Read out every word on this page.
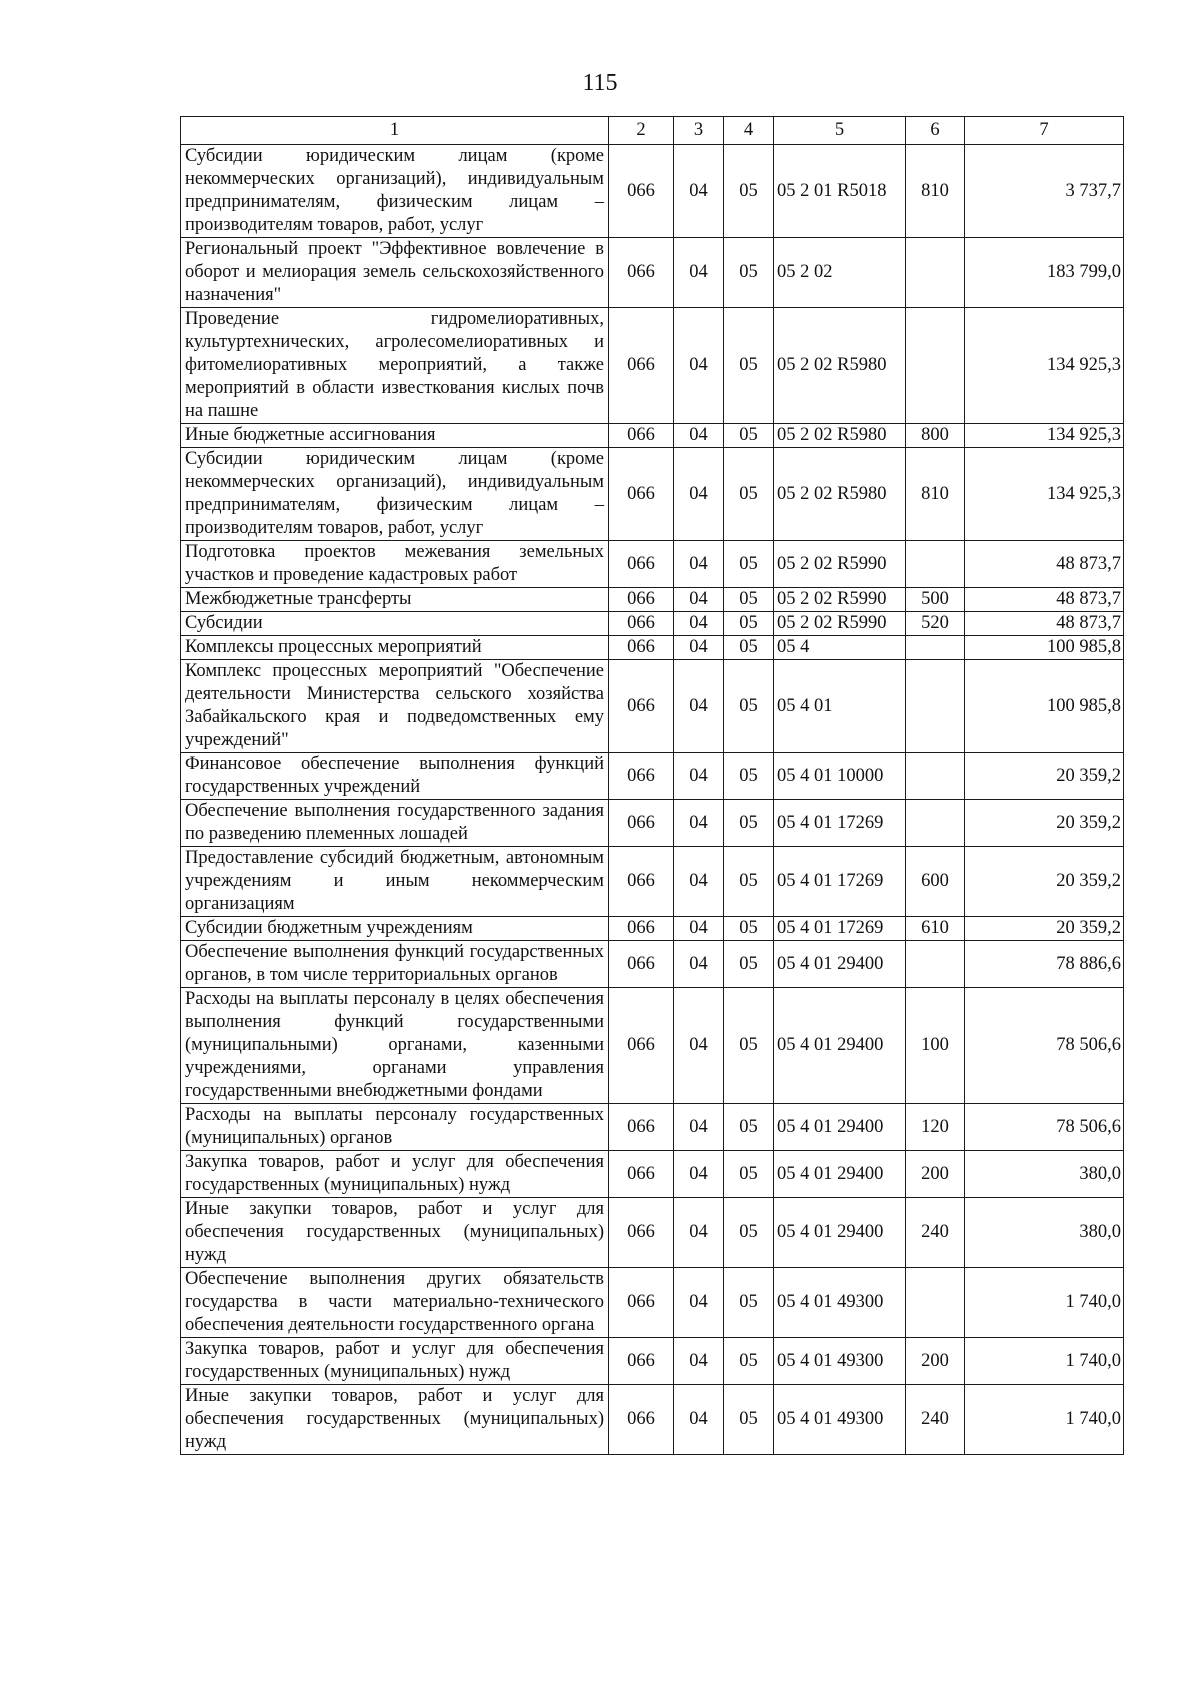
115
1	2	3	4	5	6	7
Субсидии юридическим лицам (кроме некоммерческих организаций), индивидуальным предпринимателям, физическим лицам – производителям товаров, работ, услуг	066	04	05	05 2 01 R5018	810	3 737,7
Региональный проект "Эффективное вовлечение в оборот и мелиорация земель сельскохозяйственного назначения"	066	04	05	05 2 02		183 799,0
Проведение гидромелиоративных, культуртехнических, агролесомелиоративных и фитомелиоративных мероприятий, а также мероприятий в области известкования кислых почв на пашне	066	04	05	05 2 02 R5980		134 925,3
Иные бюджетные ассигнования	066	04	05	05 2 02 R5980	800	134 925,3
Субсидии юридическим лицам (кроме некоммерческих организаций), индивидуальным предпринимателям, физическим лицам – производителям товаров, работ, услуг	066	04	05	05 2 02 R5980	810	134 925,3
Подготовка проектов межевания земельных участков и проведение кадастровых работ	066	04	05	05 2 02 R5990		48 873,7
Межбюджетные трансферты	066	04	05	05 2 02 R5990	500	48 873,7
Субсидии	066	04	05	05 2 02 R5990	520	48 873,7
Комплексы процессных мероприятий	066	04	05	05 4		100 985,8
Комплекс процессных мероприятий "Обеспечение деятельности Министерства сельского хозяйства Забайкальского края и подведомственных ему учреждений"	066	04	05	05 4 01		100 985,8
Финансовое обеспечение выполнения функций государственных учреждений	066	04	05	05 4 01 10000		20 359,2
Обеспечение выполнения государственного задания по разведению племенных лошадей	066	04	05	05 4 01 17269		20 359,2
Предоставление субсидий бюджетным, автономным учреждениям и иным некоммерческим организациям	066	04	05	05 4 01 17269	600	20 359,2
Субсидии бюджетным учреждениям	066	04	05	05 4 01 17269	610	20 359,2
Обеспечение выполнения функций государственных органов, в том числе территориальных органов	066	04	05	05 4 01 29400		78 886,6
Расходы на выплаты персоналу в целях обеспечения выполнения функций государственными (муниципальными) органами, казенными учреждениями, органами управления государственными внебюджетными фондами	066	04	05	05 4 01 29400	100	78 506,6
Расходы на выплаты персоналу государственных (муниципальных) органов	066	04	05	05 4 01 29400	120	78 506,6
Закупка товаров, работ и услуг для обеспечения государственных (муниципальных) нужд	066	04	05	05 4 01 29400	200	380,0
Иные закупки товаров, работ и услуг для обеспечения государственных (муниципальных) нужд	066	04	05	05 4 01 29400	240	380,0
Обеспечение выполнения других обязательств государства в части материально-технического обеспечения деятельности государственного органа	066	04	05	05 4 01 49300		1 740,0
Закупка товаров, работ и услуг для обеспечения государственных (муниципальных) нужд	066	04	05	05 4 01 49300	200	1 740,0
Иные закупки товаров, работ и услуг для обеспечения государственных (муниципальных) нужд	066	04	05	05 4 01 49300	240	1 740,0
